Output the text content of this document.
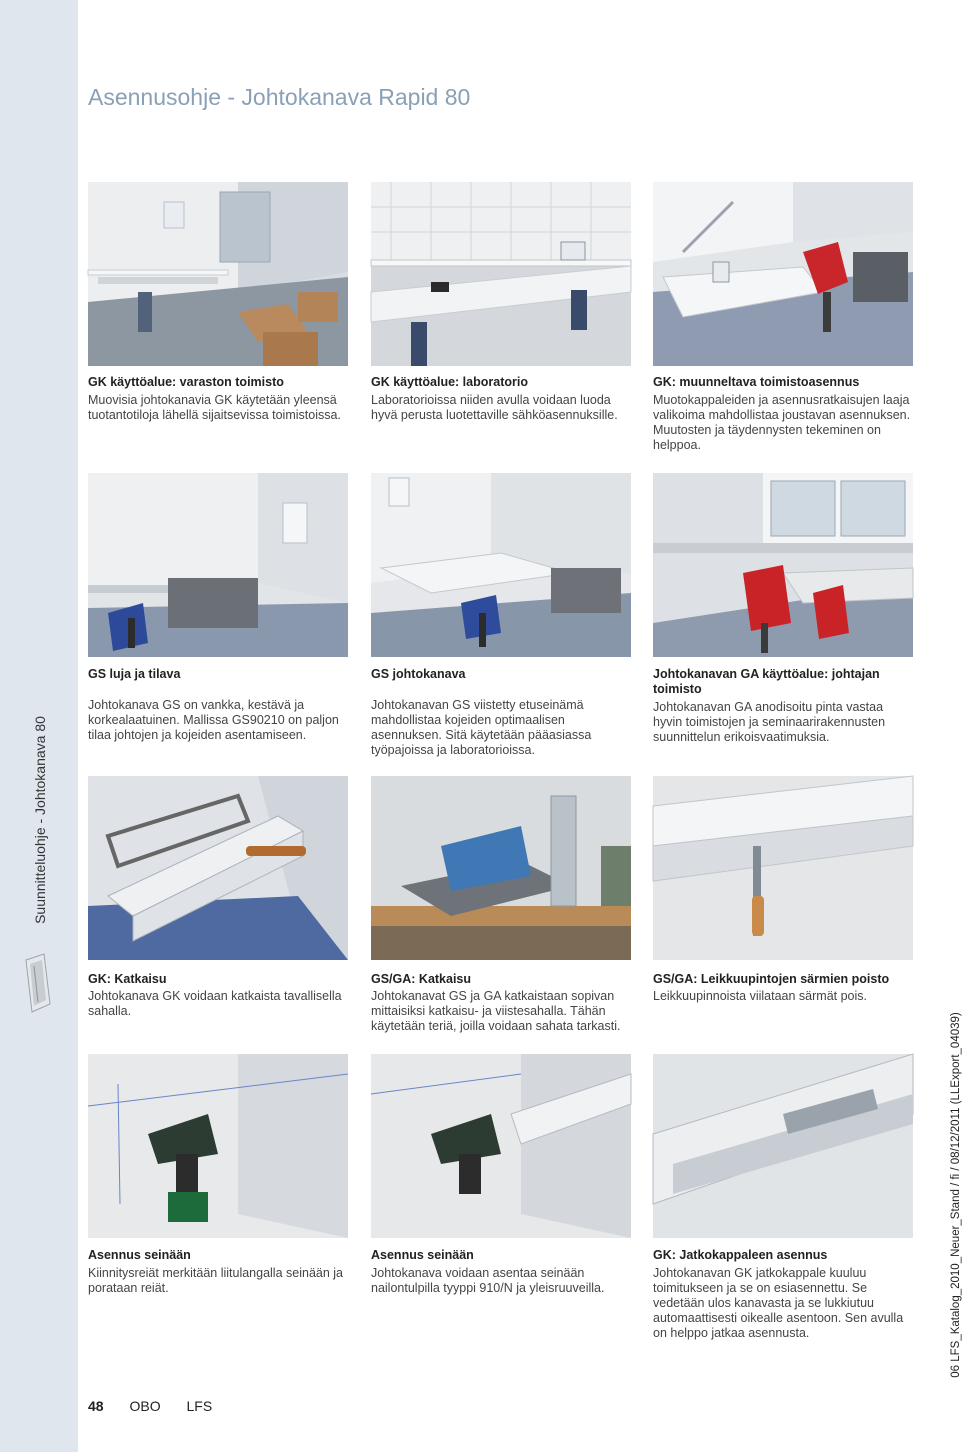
Suunnitteluohje - Johtokanava 80
06 LFS_Katalog_2010_Neuer_Stand / fi / 08/12/2011 (LLExport_04039)
Asennusohje - Johtokanava Rapid 80
GK käyttöalue: varaston toimisto

Muovisia johtokanavia GK käytetään yleensä tuotantotiloja lähellä sijaitsevissa toimistoissa.

GK käyttöalue: laboratorio

Laboratorioissa niiden avulla voidaan luoda hyvä perusta luotettaville sähköasennuksille.

GK: muunneltava toimistoasennus

Muotokappaleiden ja asennusratkaisujen laaja valikoima mahdollistaa joustavan asennuksen. Muutosten ja täydennysten tekeminen on helppoa.

GS luja ja tilava

Johtokanava GS on vankka, kestävä ja korkealaatuinen. Mallissa GS90210 on paljon tilaa johtojen ja kojeiden asentamiseen.

GS johtokanava

Johtokanavan GS viistetty etuseinämä mahdollistaa kojeiden optimaalisen asennuksen. Sitä käytetään pääasiassa työpajoissa ja laboratorioissa.

Johtokanavan GA käyttöalue: johtajan toimisto

Johtokanavan GA anodisoitu pinta vastaa hyvin toimistojen ja seminaarirakennusten suunnittelun erikoisvaatimuksia.

GK: Katkaisu

Johtokanava GK voidaan katkaista tavallisella sahalla.

GS/GA: Katkaisu

Johtokanavat GS ja GA katkaistaan sopivan mittaisiksi katkaisu- ja viistesahalla. Tähän käytetään teriä, joilla voidaan sahata tarkasti.

GS/GA: Leikkuupintojen särmien poisto

Leikkuupinnoista viilataan särmät pois.

Asennus seinään

Kiinnitysreiät merkitään liitulangalla seinään ja porataan reiät.

Asennus seinään

Johtokanava voidaan asentaa seinään nailontulpilla tyyppi 910/N ja yleisruuveilla.

GK: Jatkokappaleen asennus

Johtokanavan GK jatkokappale kuuluu toimitukseen ja se on esiasennettu. Se vedetään ulos kanavasta ja se lukkiutuu automaattisesti oikealle asentoon. Sen avulla on helppo jatkaa asennusta.

48 OBO LFS
